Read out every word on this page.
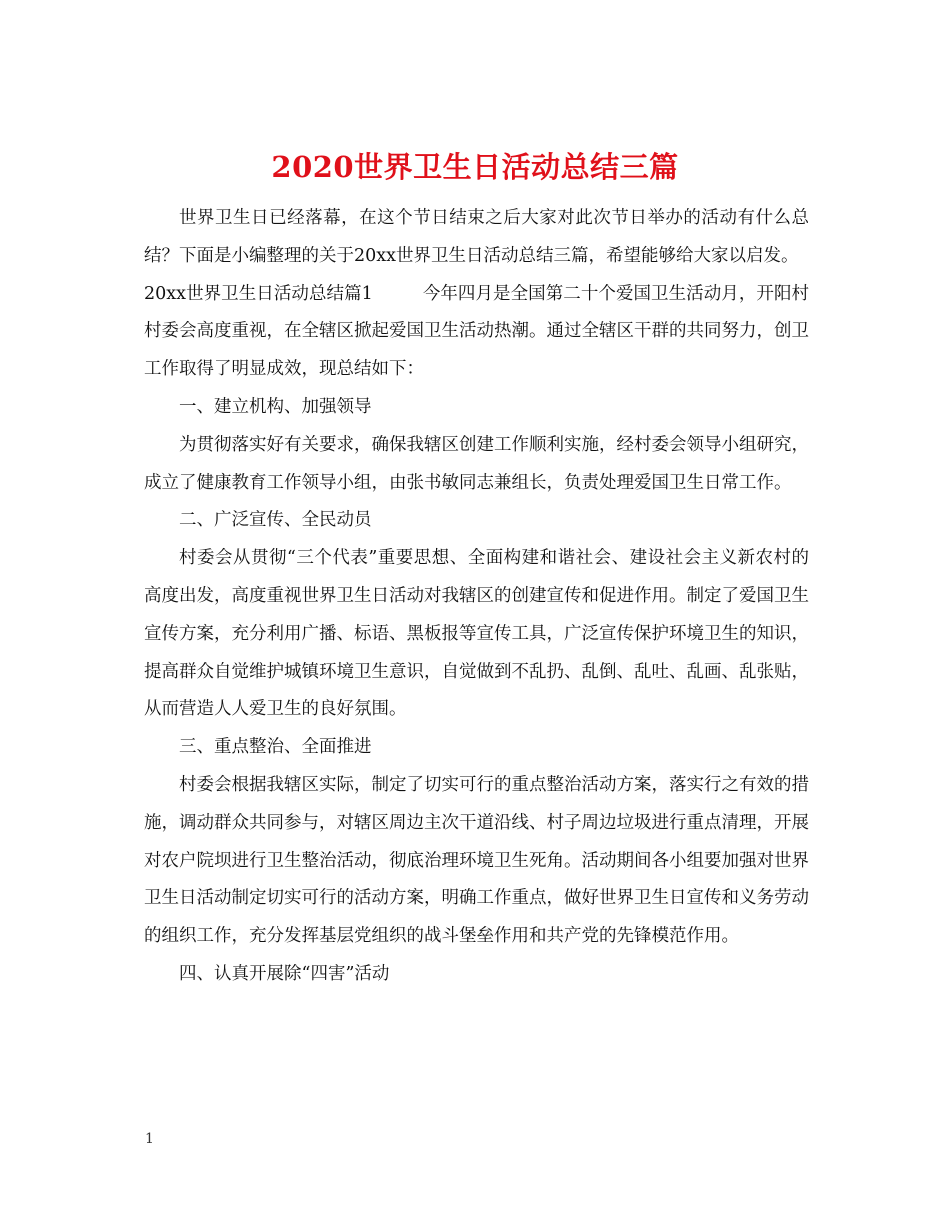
2020世界卫生日活动总结三篇

世界卫生日已经落幕，在这个节日结束之后大家对此次节日举办的活动有什么总结？下面是小编整理的关于20xx世界卫生日活动总结三篇，希望能够给大家以启发。

20xx世界卫生日活动总结篇1	今年四月是全国第二十个爱国卫生活动月，开阳村村委会高度重视，在全辖区掀起爱国卫生活动热潮。通过全辖区干群的共同努力，创卫工作取得了明显成效，现总结如下：

一、建立机构、加强领导

为贯彻落实好有关要求，确保我辖区创建工作顺利实施，经村委会领导小组研究，成立了健康教育工作领导小组，由张书敏同志兼组长，负责处理爱国卫生日常工作。

二、广泛宣传、全民动员

村委会从贯彻“三个代表”重要思想、全面构建和谐社会、建设社会主义新农村的高度出发，高度重视世界卫生日活动对我辖区的创建宣传和促进作用。制定了爱国卫生宣传方案，充分利用广播、标语、黑板报等宣传工具，广泛宣传保护环境卫生的知识，提高群众自觉维护城镇环境卫生意识，自觉做到不乱扔、乱倒、乱吐、乱画、乱张贴，从而营造人人爱卫生的良好氛围。

三、重点整治、全面推进

村委会根据我辖区实际，制定了切实可行的重点整治活动方案，落实行之有效的措施，调动群众共同参与，对辖区周边主次干道沿线、村子周边垃圾进行重点清理，开展对农户院坝进行卫生整治活动，彻底治理环境卫生死角。活动期间各小组要加强对世界卫生日活动制定切实可行的活动方案，明确工作重点，做好世界卫生日宣传和义务劳动的组织工作，充分发挥基层党组织的战斗堡垒作用和共产党的先锋模范作用。

四、认真开展除“四害”活动

1
